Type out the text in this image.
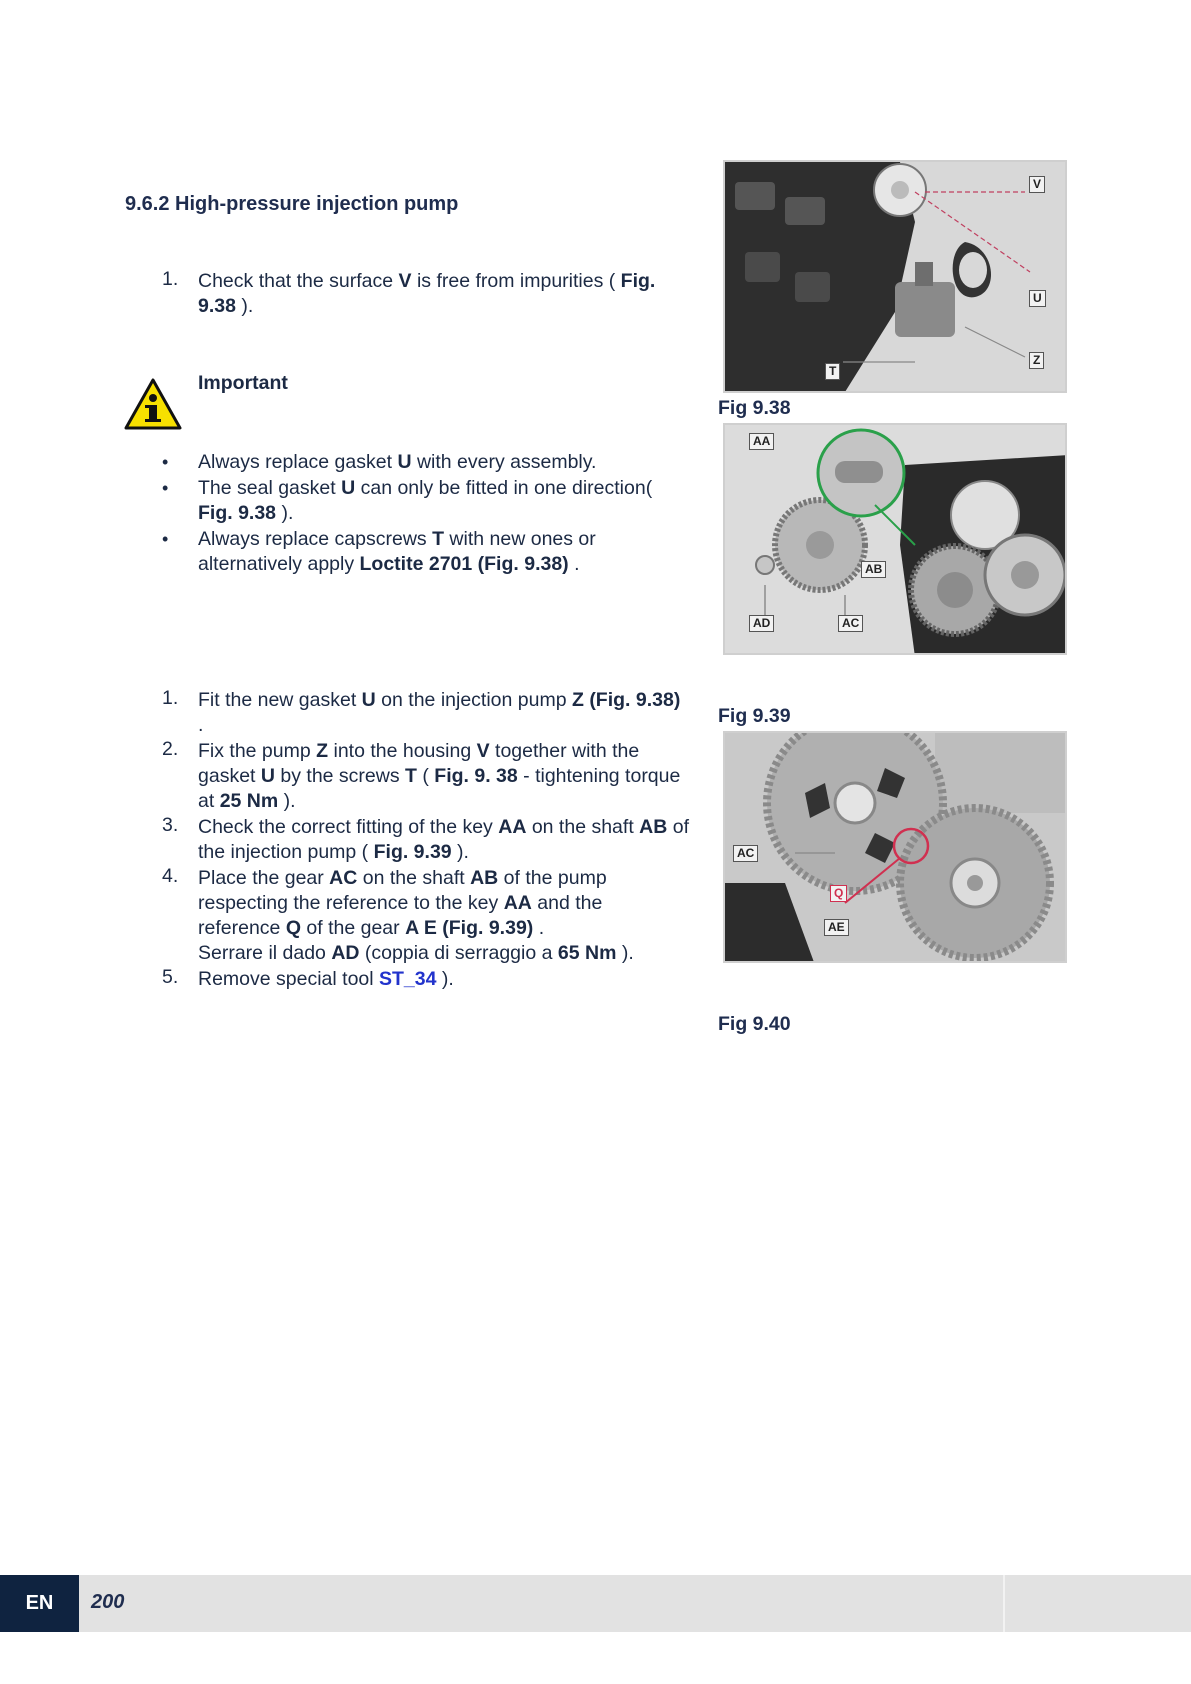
9.6.2 High-pressure injection pump
1. Check that the surface V is free from impurities ( Fig. 9.38 ).
Important
• Always replace gasket U with every assembly.
• The seal gasket U can only be fitted in one direction( Fig. 9.38 ).
• Always replace capscrews T with new ones or alternatively apply Loctite 2701 (Fig. 9.38) .
1. Fit the new gasket U on the injection pump Z (Fig. 9.38) .
2. Fix the pump Z into the housing V together with the gasket U by the screws T ( Fig. 9. 38 - tightening torque at 25 Nm ).
3. Check the correct fitting of the key AA on the shaft AB of the injection pump ( Fig. 9.39 ).
4. Place the gear AC on the shaft AB of the pump respecting the reference to the key AA and the reference Q of the gear A E (Fig. 9.39) .
Serrare il dado AD (coppia di serraggio a 65 Nm ).
5. Remove special tool ST_34 ).
V
U
Z
T
Fig 9.38
AA
AB
AD	AC
Fig 9.39
AC
Q
AE
Fig 9.40
EN	200
